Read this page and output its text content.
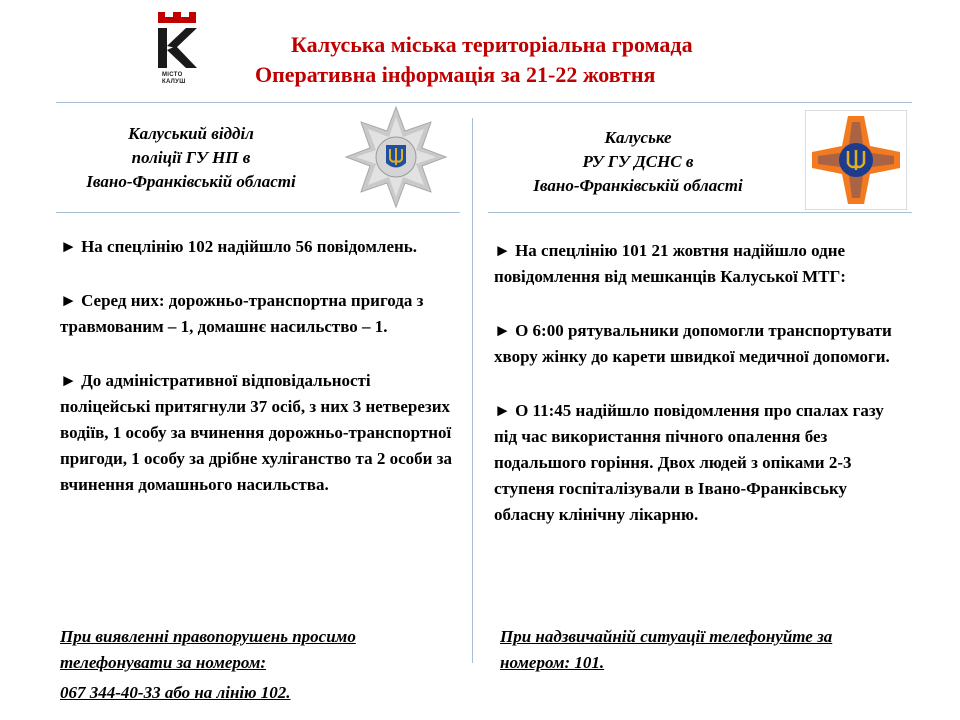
МІСТО
КАЛУШ
Калуська міська територіальна громада
Оперативна інформація за 21-22 жовтня
Калуський відділ
поліції ГУ НП в
Івано-Франківській області
Калуське
РУ ГУ ДСНС в
Івано-Франківській області

► На спецлінію 102 надійшло 56 повідомлень.

► Серед них: дорожньо-транспортна пригода з травмованим – 1, домашнє насильство – 1.

► До адміністративної відповідальності поліцейські притягнули 37 осіб, з них 3 нетверезих водіїв, 1 особу за вчинення дорожньо-транспортної пригоди, 1 особу за дрібне хуліганство та 2 особи за вчинення домашнього насильства.

При виявленні правопорушень просимо телефонувати за номером:
067 344-40-33 або на лінію 102.

► На спецлінію 101 21 жовтня надійшло одне повідомлення від мешканців Калуської МТГ:

► О 6:00 рятувальники допомогли транспортувати хвору жінку до карети швидкої медичної допомоги.

► О 11:45 надійшло повідомлення про спалах газу під час використання пічного опалення без подальшого горіння. Двох людей з опіками 2-3 ступеня госпіталізували в Івано-Франківську обласну клінічну лікарню.

При надзвичайній ситуації телефонуйте за номером: 101.
